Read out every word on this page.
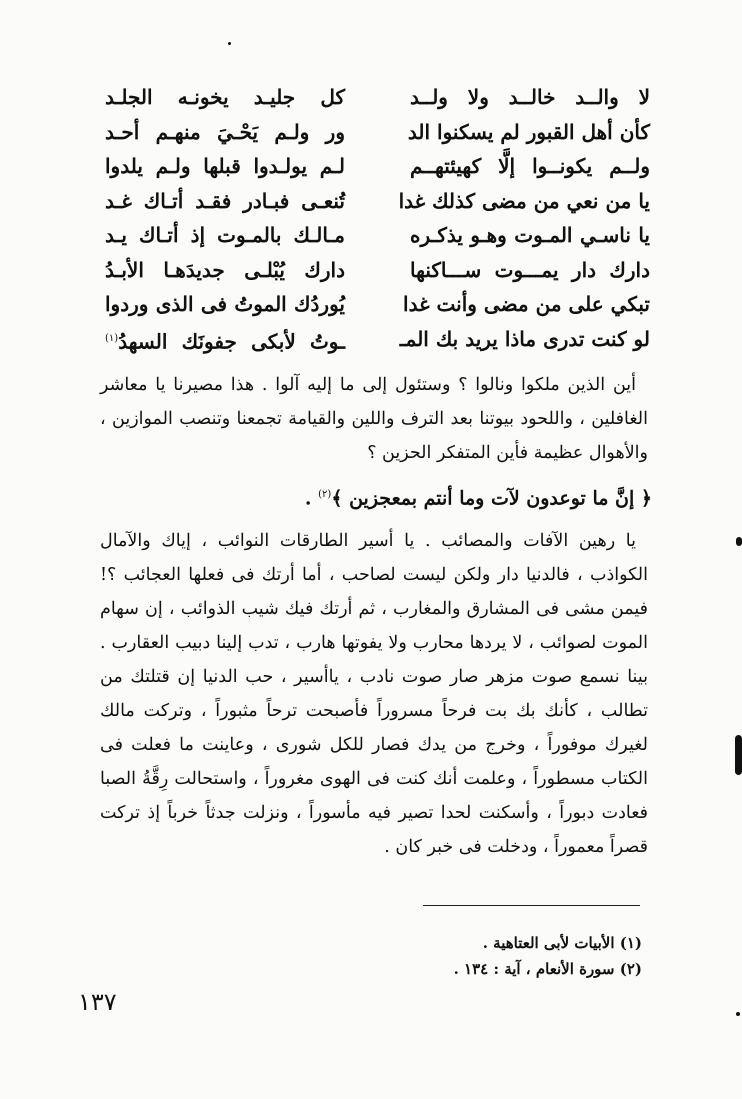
لا والــد خالــد ولا ولــد
كأن أهل القبور لم يسكنوا الد
ولــم يكونــوا إلَّا كهيئتهــم
يا من نعي من مضى كذلك غدا
يا ناسـي المـوت وهـو يذكـره
دارك دار يمـــوت ســـاكنها
تبكي على من مضى وأنت غدا
لو كنت تدرى ماذا يريد بك المـ
كل جليـد يخونـه الجلـد
ور ولـم يَحْـيَ منهـم أحـد
لـم يولـدوا قبلها ولـم يلدوا
تُنعـى فبـادر فقـد أتـاك غـد
مـالـك بالمـوت إذ أتـاك يـد
دارك يُبْلـى جديدَهـا الأبـدُ
يُوردُك الموتُ فى الذى وردوا
ـوتُ لأبكى جفونَك السهدُ$^{(١)}$

أين الذين ملكوا ونالوا ؟ وستئول إلى ما إليه آلوا . هذا مصيرنا يا معاشر الغافلين ، واللحود بيوتنا بعد الترف واللين والقيامة تجمعنا وتنصب الموازين ، والأهوال عظيمة فأين المتفكر الحزين ؟

﴿ إنَّ ما توعدون لآت وما أنتم بمعجزين ﴾$^{(٢)}$ .

يا رهين الآفات والمصائب . يا أسير الطارقات النوائب ، إياك والآمال الكواذب ، فالدنيا دار ولكن ليست لصاحب ، أما أرتك فى فعلها العجائب ؟! فيمن مشى فى المشارق والمغارب ، ثم أرتك فيك شيب الذوائب ، إن سهام الموت لصوائب ، لا يردها محارب ولا يفوتها هارب ، تدب إلينا دبيب العقارب . بينا نسمع صوت مزهر صار صوت نادب ، ياأسير ، حب الدنيا إن قتلتك من تطالب ، كأنك بك بت فرحاً مسروراً فأصبحت ترحاً مثبوراً ، وتركت مالك لغيرك موفوراً ، وخرج من يدك فصار للكل شورى ، وعاينت ما فعلت فى الكتاب مسطوراً ، وعلمت أنك كنت فى الهوى مغروراً ، واستحالت رِقَّةُ الصبا فعادت دبوراً ، وأسكنت لحدا تصير فيه مأسوراً ، ونزلت جدثاً خرباً إذ تركت قصراً معموراً ، ودخلت فى خبر كان .

(١) الأبيات لأبى العتاهية .
(٢) سورة الأنعام ، آية : ١٣٤ .
١٣٧
